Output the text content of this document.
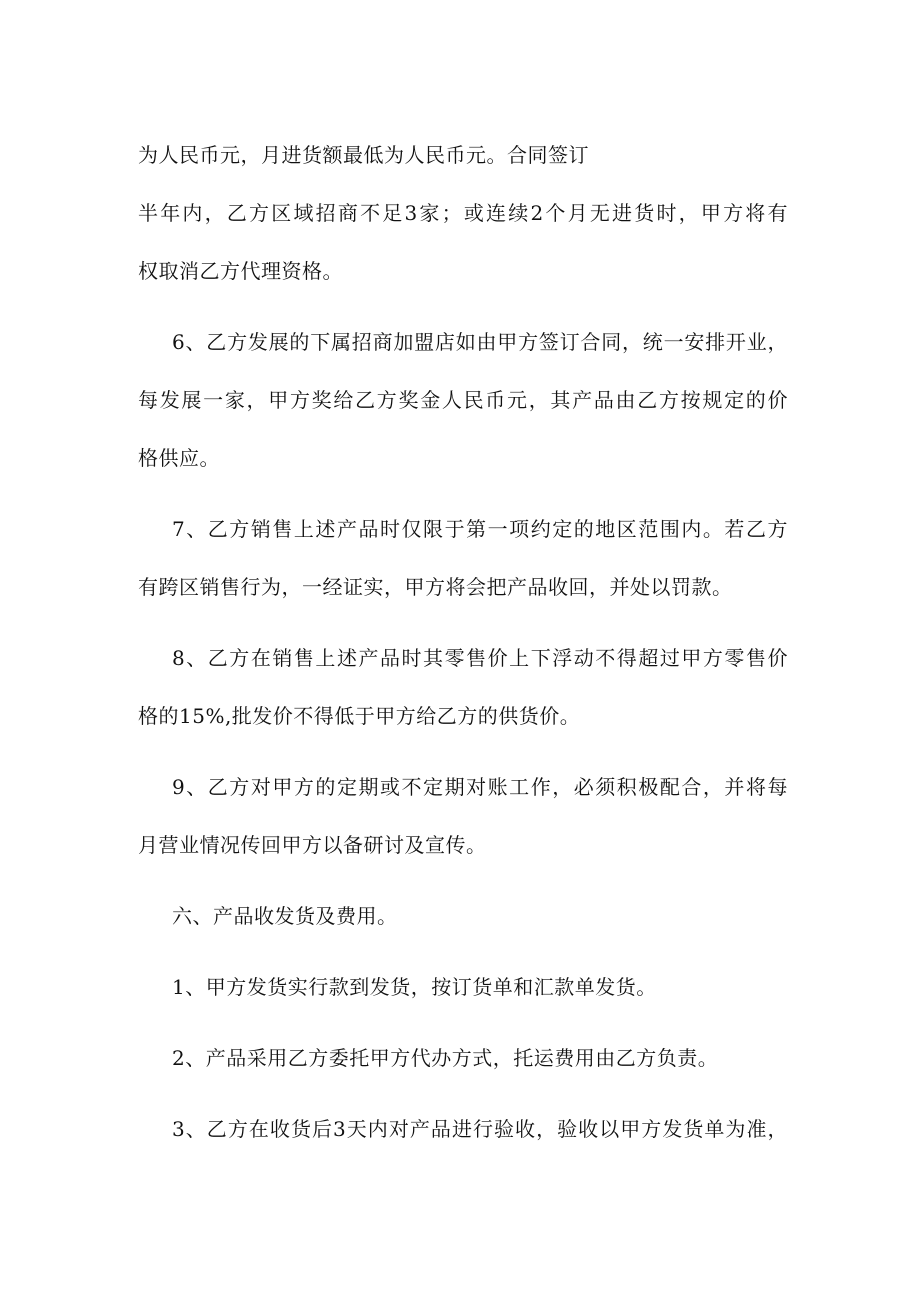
为人民币元，月进货额最低为人民币元。合同签订
半年内，乙方区域招商不足3家；或连续2个月无进货时，甲方将有
权取消乙方代理资格。
6、乙方发展的下属招商加盟店如由甲方签订合同，统一安排开业，
每发展一家，甲方奖给乙方奖金人民币元，其产品由乙方按规定的价
格供应。
7、乙方销售上述产品时仅限于第一项约定的地区范围内。若乙方
有跨区销售行为，一经证实，甲方将会把产品收回，并处以罚款。
8、乙方在销售上述产品时其零售价上下浮动不得超过甲方零售价
格的15%,批发价不得低于甲方给乙方的供货价。
9、乙方对甲方的定期或不定期对账工作，必须积极配合，并将每
月营业情况传回甲方以备研讨及宣传。
六、产品收发货及费用。
1、甲方发货实行款到发货，按订货单和汇款单发货。
2、产品采用乙方委托甲方代办方式，托运费用由乙方负责。
3、乙方在收货后3天内对产品进行验收，验收以甲方发货单为准，
